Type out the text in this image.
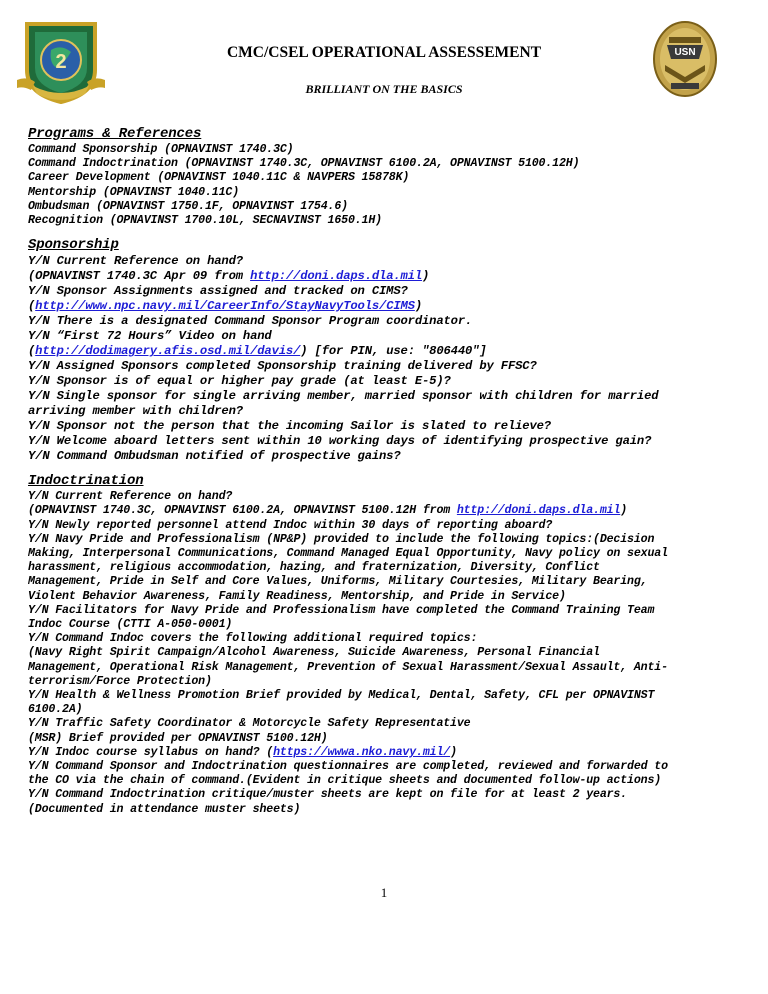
2	USN
CMC/CSEL OPERATIONAL ASSESSEMENT
BRILLIANT ON THE BASICS
Programs & References
Command Sponsorship (OPNAVINST 1740.3C)
Command Indoctrination (OPNAVINST 1740.3C, OPNAVINST 6100.2A, OPNAVINST 5100.12H)
Career Development (OPNAVINST 1040.11C & NAVPERS 15878K)
Mentorship (OPNAVINST 1040.11C)
Ombudsman (OPNAVINST 1750.1F, OPNAVINST 1754.6)
Recognition (OPNAVINST 1700.10L, SECNAVINST 1650.1H)
Sponsorship
Y/N Current Reference on hand?
(OPNAVINST 1740.3C Apr 09 from http://doni.daps.dla.mil)
Y/N Sponsor Assignments assigned and tracked on CIMS?
(http://www.npc.navy.mil/CareerInfo/StayNavyTools/CIMS)
Y/N There is a designated Command Sponsor Program coordinator.
Y/N “First 72 Hours” Video on hand
(http://dodimagery.afis.osd.mil/davis/) [for PIN, use: "806440"]
Y/N Assigned Sponsors completed Sponsorship training delivered by FFSC?
Y/N Sponsor is of equal or higher pay grade (at least E-5)?
Y/N Single sponsor for single arriving member, married sponsor with children for married
arriving member with children?
Y/N Sponsor not the person that the incoming Sailor is slated to relieve?
Y/N Welcome aboard letters sent within 10 working days of identifying prospective gain?
Y/N Command Ombudsman notified of prospective gains?
Indoctrination
Y/N Current Reference on hand?
(OPNAVINST 1740.3C, OPNAVINST 6100.2A, OPNAVINST 5100.12H from http://doni.daps.dla.mil)
Y/N Newly reported personnel attend Indoc within 30 days of reporting aboard?
Y/N Navy Pride and Professionalism (NP&P) provided to include the following topics:(Decision
Making, Interpersonal Communications, Command Managed Equal Opportunity, Navy policy on sexual
harassment, religious accommodation, hazing, and fraternization, Diversity, Conflict
Management, Pride in Self and Core Values, Uniforms, Military Courtesies, Military Bearing,
Violent Behavior Awareness, Family Readiness, Mentorship, and Pride in Service)
Y/N Facilitators for Navy Pride and Professionalism have completed the Command Training Team
Indoc Course (CTTI A-050-0001)
Y/N Command Indoc covers the following additional required topics:
(Navy Right Spirit Campaign/Alcohol Awareness, Suicide Awareness, Personal Financial
Management, Operational Risk Management, Prevention of Sexual Harassment/Sexual Assault, Anti-
terrorism/Force Protection)
Y/N Health & Wellness Promotion Brief provided by Medical, Dental, Safety, CFL per OPNAVINST
6100.2A)
Y/N Traffic Safety Coordinator & Motorcycle Safety Representative
(MSR) Brief provided per OPNAVINST 5100.12H)
Y/N Indoc course syllabus on hand? (https://wwwa.nko.navy.mil/)
Y/N Command Sponsor and Indoctrination questionnaires are completed, reviewed and forwarded to
the CO via the chain of command.(Evident in critique sheets and documented follow-up actions)
Y/N Command Indoctrination critique/muster sheets are kept on file for at least 2 years.
(Documented in attendance muster sheets)
1
